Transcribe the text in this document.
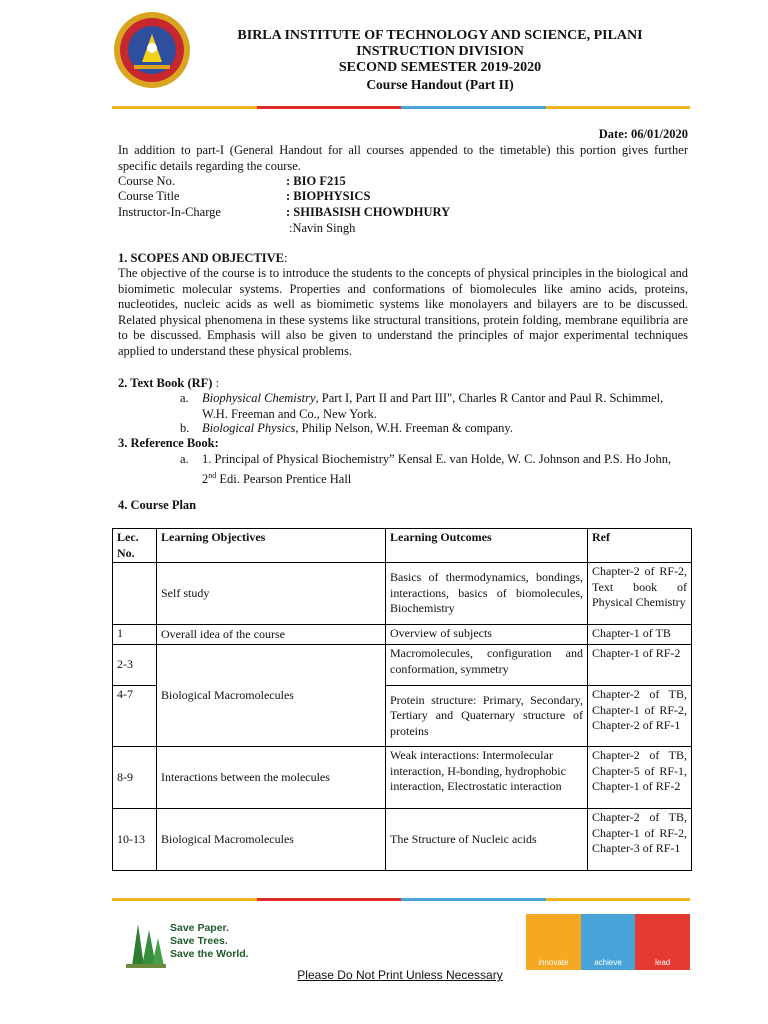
BIRLA INSTITUTE OF TECHNOLOGY AND SCIENCE, PILANI
INSTRUCTION DIVISION
SECOND SEMESTER 2019-2020
Course Handout (Part II)
Date: 06/01/2020
In addition to part-I (General Handout for all courses appended to the timetable) this portion gives further specific details regarding the course.
Course No.	: BIO F215
Course Title	: BIOPHYSICS
Instructor-In-Charge	: SHIBASISH CHOWDHURY
:Navin Singh
1. SCOPES AND OBJECTIVE:
The objective of the course is to introduce the students to the concepts of physical principles in the biological and biomimetic molecular systems. Properties and conformations of biomolecules like amino acids, proteins, nucleotides, nucleic acids as well as biomimetic systems like monolayers and bilayers are to be discussed. Related physical phenomena in these systems like structural transitions, protein folding, membrane equilibria are to be discussed. Emphasis will also be given to understand the principles of major experimental techniques applied to understand these physical problems.
2. Text Book (RF) :
a. Biophysical Chemistry, Part I, Part II and Part III", Charles R Cantor and Paul R. Schimmel, W.H. Freeman and Co., New York.
b. Biological Physics, Philip Nelson, W.H. Freeman & company.
3. Reference Book:
a. 1. Principal of Physical Biochemistry” Kensal E. van Holde, W. C. Johnson and P.S. Ho John, 2nd Edi. Pearson Prentice Hall
4. Course Plan
Lec. No.	Learning Objectives	Learning Outcomes	Ref
	Self study	Basics of thermodynamics, bondings, interactions, basics of biomolecules, Biochemistry	Chapter-2 of RF-2, Text book of Physical Chemistry
1	Overall idea of the course	Overview of subjects	Chapter-1 of TB
2-3	Biological Macromolecules	Macromolecules, configuration and conformation, symmetry	Chapter-1 of RF-2
4-7		Protein structure: Primary, Secondary, Tertiary and Quaternary structure of proteins	Chapter-2 of TB, Chapter-1 of RF-2, Chapter-2 of RF-1
8-9	Interactions between the molecules	Weak interactions: Intermolecular interaction, H-bonding, hydrophobic interaction, Electrostatic interaction	Chapter-2 of TB, Chapter-5 of RF-1, Chapter-1 of RF-2
10-13	Biological Macromolecules	The Structure of Nucleic acids	Chapter-2 of TB, Chapter-1 of RF-2, Chapter-3 of RF-1
Save Paper.
Save Trees.
Save the World.
innovate	achieve	lead
Please Do Not Print Unless Necessary
